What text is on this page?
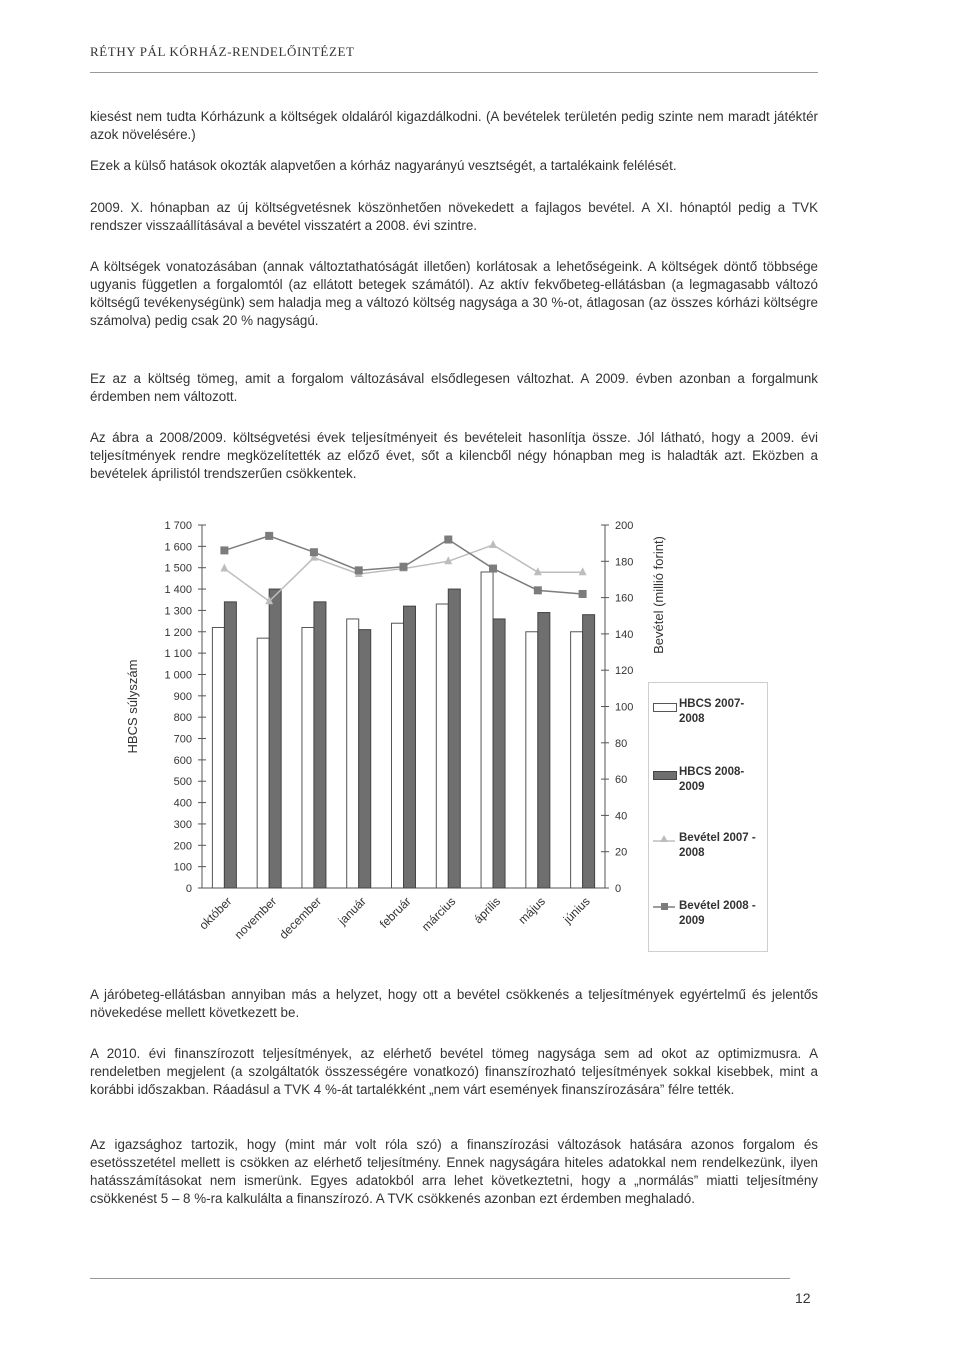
RÉTHY PÁL KÓRHÁZ-RENDELŐINTÉZET

kiesést nem tudta Kórházunk a költségek oldaláról kigazdálkodni. (A bevételek területén pedig szinte nem maradt játéktér azok növelésére.)

Ezek a külső hatások okozták alapvetően a kórház nagyarányú vesztségét, a tartalékaink felélését.

2009. X. hónapban az új költségvetésnek köszönhetően növekedett a fajlagos bevétel. A XI. hónaptól pedig a TVK rendszer visszaállításával a bevétel visszatért a 2008. évi szintre.

A költségek vonatozásában (annak változtathatóságát illetően) korlátosak a lehetőségeink. A költségek döntő többsége ugyanis független a forgalomtól (az ellátott betegek számától). Az aktív fekvőbeteg-ellátásban (a legmagasabb változó költségű tevékenységünk) sem haladja meg a változó költség nagysága a 30 %-ot, átlagosan (az összes kórházi költségre számolva) pedig csak 20 % nagyságú.

Ez az a költség tömeg, amit a forgalom változásával elsődlegesen változhat. A 2009. évben azonban a forgalmunk érdemben nem változott.

Az ábra a 2008/2009. költségvetési évek teljesítményeit és bevételeit hasonlítja össze. Jól látható, hogy a 2009. évi teljesítmények rendre megközelítették az előző évet, sőt a kilencből négy hónapban meg is haladták azt. Eközben a bevételek áprilistól trendszerűen csökkentek.

0
100
200
300
400
500
600
700
800
900
1 000
1 100
1 200
1 300
1 400
1 500
1 600
1 700
0
20
40
60
80
100
120
140
160
180
200
HBCS súlyszám
Bevétel (millió forint)
október
november
december január február március április május június
HBCS 2007-2008
HBCS 2008-2009
Bevétel 2007 - 2008
Bevétel 2008 - 2009

A járóbeteg-ellátásban annyiban más a helyzet, hogy ott a bevétel csökkenés a teljesítmények egyértelmű és jelentős növekedése mellett következett be.

A 2010. évi finanszírozott teljesítmények, az elérhető bevétel tömeg nagysága sem ad okot az optimizmusra. A rendeletben megjelent (a szolgáltatók összességére vonatkozó) finanszírozható teljesítmények sokkal kisebbek, mint a korábbi időszakban. Ráadásul a TVK 4 %-át tartalékként „nem várt események finanszírozására” félre tették.

Az igazsághoz tartozik, hogy (mint már volt róla szó) a finanszírozási változások hatására azonos forgalom és esetösszetétel mellett is csökken az elérhető teljesítmény. Ennek nagyságára hiteles adatokkal nem rendelkezünk, ilyen hatásszámításokat nem ismerünk. Egyes adatokból arra lehet következtetni, hogy a „normálás” miatti teljesítmény csökkenést 5 – 8 %-ra kalkulálta a finanszírozó. A TVK csökkenés azonban ezt érdemben meghaladó.

12
